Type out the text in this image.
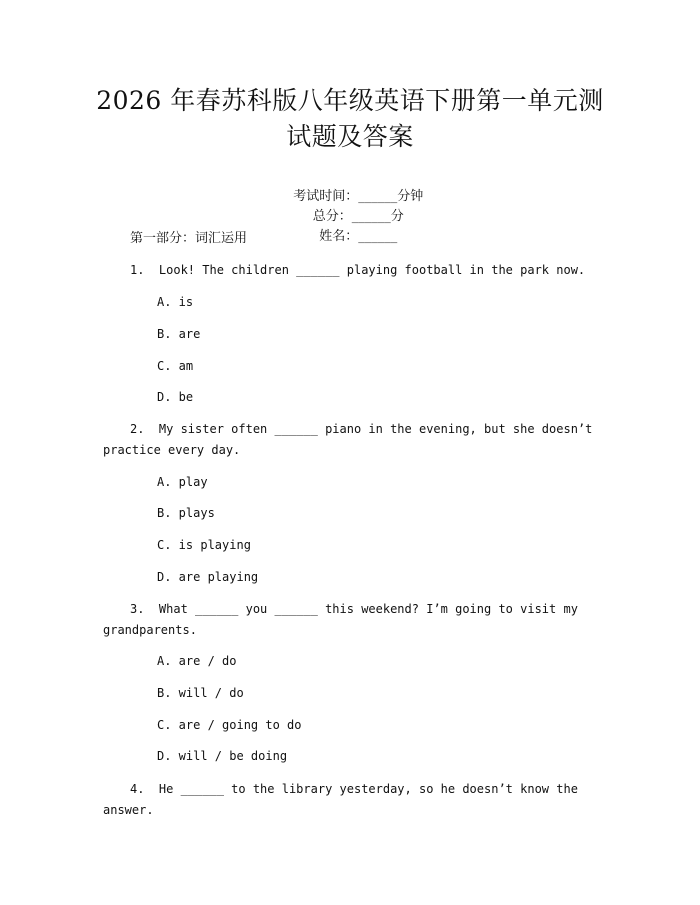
2026 年春苏科版八年级英语下册第一单元测
试题及答案

考试时间：______分钟
总分：______分
姓名：______

第一部分：词汇运用
1.  Look! The children ______ playing football in the park now.
A. is
B. are
C. am
D. be
2.  My sister often ______ piano in the evening, but she doesn’t
practice every day.
A. play
B. plays
C. is playing
D. are playing
3.  What ______ you ______ this weekend? I’m going to visit my
grandparents.
A. are / do
B. will / do
C. are / going to do
D. will / be doing
4.  He ______ to the library yesterday, so he doesn’t know the
answer.
